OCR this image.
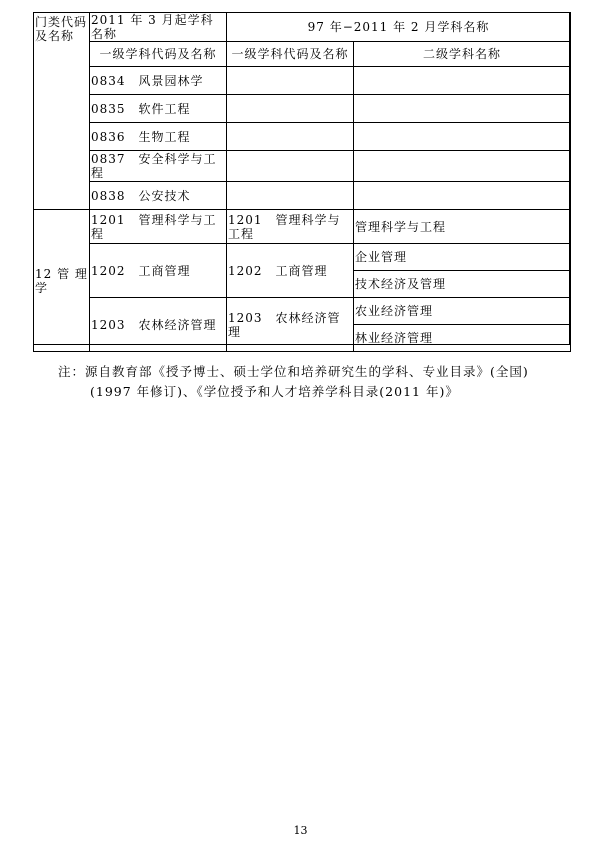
门类代码及名称	2011 年 3 月起学科名称	97 年−2011 年 2 月学科名称	
	一级学科代码及名称	一级学科代码及名称	二级学科名称
	0834　风景园林学		
	0835　软件工程		
	0836　生物工程		
	0837　安全科学与工程		
	0838　公安技术		
12 管 理学	1201　管理科学与工程	1201　管理科学与工程	管理科学与工程
	1202　工商管理	1202　工商管理	企业管理
			技术经济及管理
	1203　农林经济管理	1203　农林经济管理	农业经济管理
			林业经济管理
注：源自教育部《授予博士、硕士学位和培养研究生的学科、专业目录》(全国)
(1997 年修订)、《学位授予和人才培养学科目录(2011 年)》
13
